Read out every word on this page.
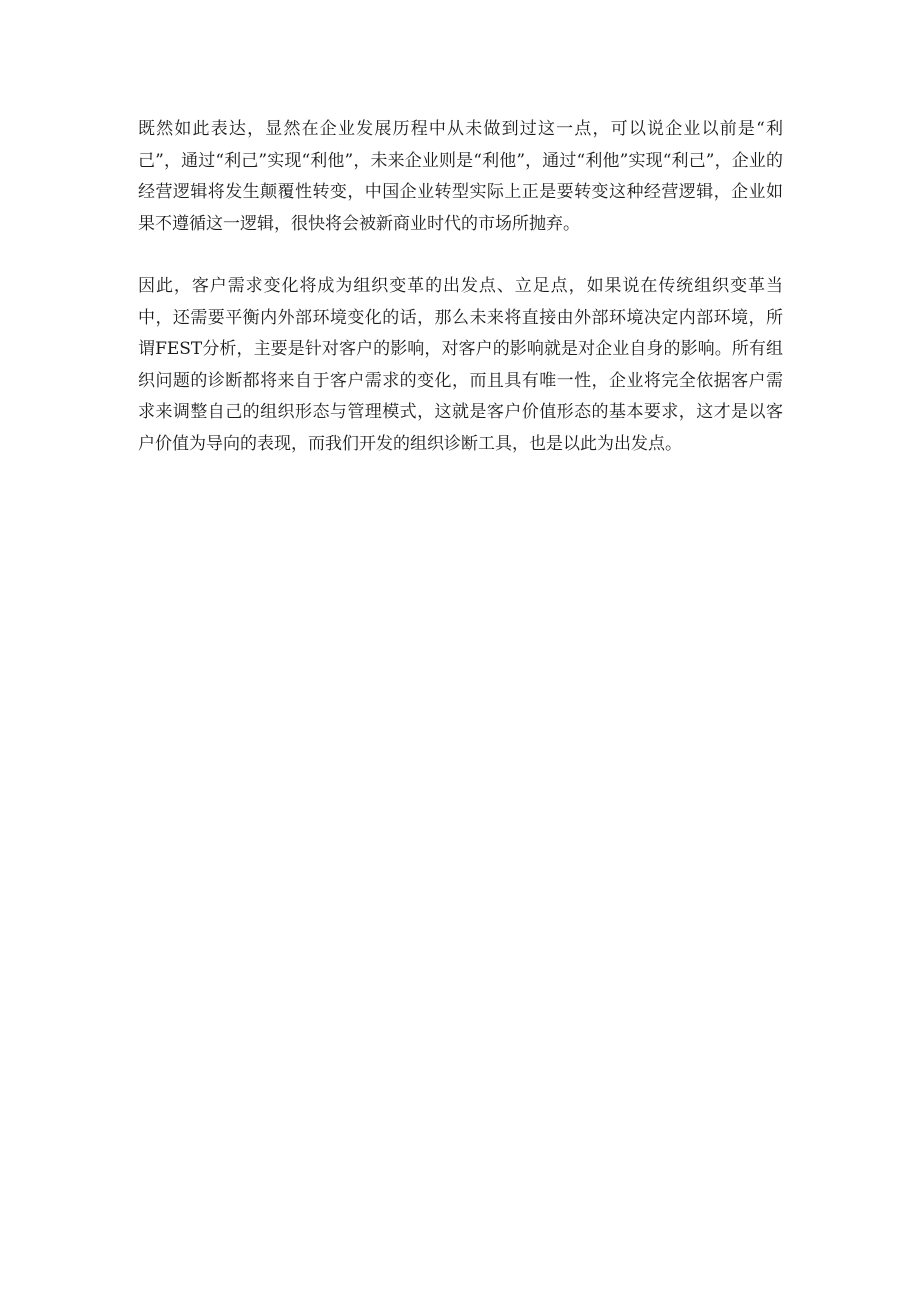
既然如此表达，显然在企业发展历程中从未做到过这一点，可以说企业以前是“利己”，通过“利己”实现“利他”，未来企业则是“利他”，通过“利他”实现“利己”，企业的经营逻辑将发生颠覆性转变，中国企业转型实际上正是要转变这种经营逻辑，企业如果不遵循这一逻辑，很快将会被新商业时代的市场所抛弃。

因此，客户需求变化将成为组织变革的出发点、立足点，如果说在传统组织变革当中，还需要平衡内外部环境变化的话，那么未来将直接由外部环境决定内部环境，所谓FEST分析，主要是针对客户的影响，对客户的影响就是对企业自身的影响。所有组织问题的诊断都将来自于客户需求的变化，而且具有唯一性，企业将完全依据客户需求来调整自己的组织形态与管理模式，这就是客户价值形态的基本要求，这才是以客户价值为导向的表现，而我们开发的组织诊断工具，也是以此为出发点。
